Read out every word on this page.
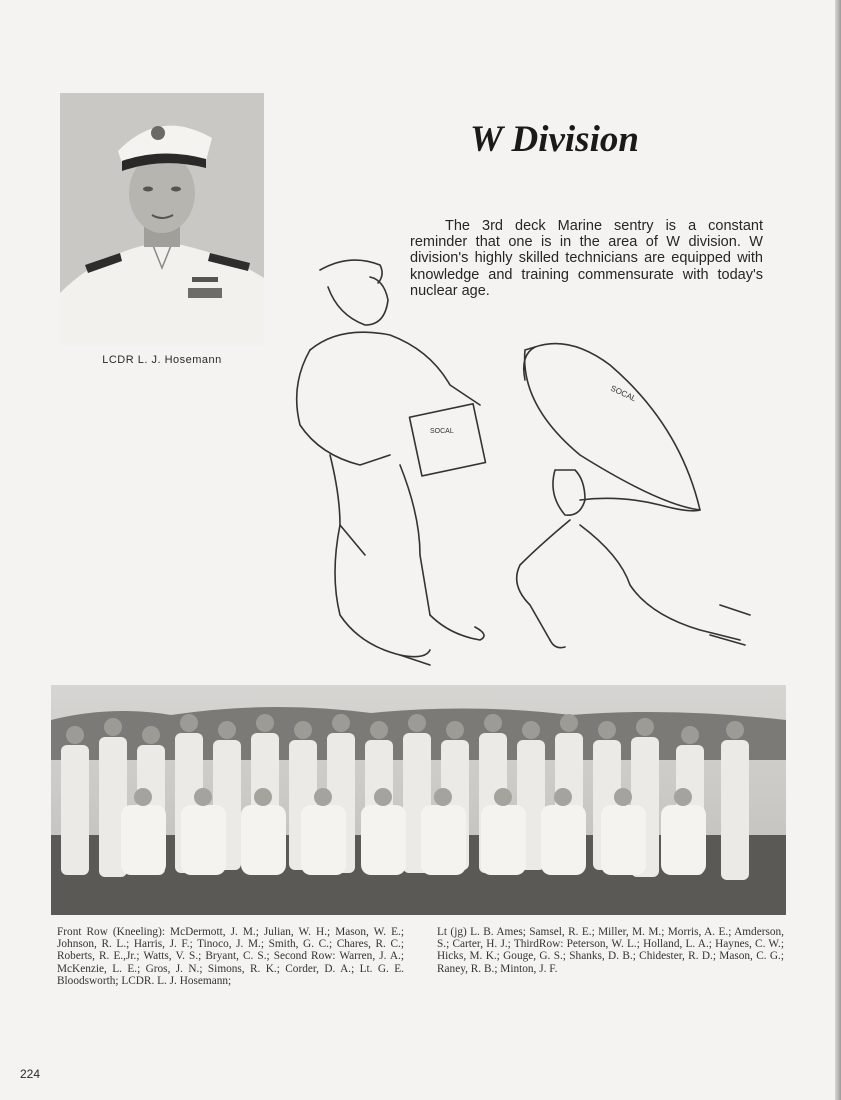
LCDR L. J. Hosemann
W Division

The 3rd deck Marine sentry is a constant reminder that one is in the area of W division. W division's highly skilled technicians are equipped with knowledge and training commensurate with today's nuclear age.

SOCAL
SOCAL

Front Row (Kneeling): McDermott, J. M.; Julian, W. H.; Mason, W. E.; Johnson, R. L.; Harris, J. F.; Tinoco, J. M.; Smith, G. C.; Chares, R. C.; Roberts, R. E.,Jr.; Watts, V. S.; Bryant, C. S.; Second Row: Warren, J. A.; McKenzie, L. E.; Gros, J. N.; Simons, R. K.; Corder, D. A.; Lt. G. E. Bloodsworth; LCDR. L. J. Hosemann;

Lt (jg) L. B. Ames; Samsel, R. E.; Miller, M. M.; Morris, A. E.; Amderson, S.; Carter, H. J.; ThirdRow: Peterson, W. L.; Holland, L. A.; Haynes, C. W.; Hicks, M. K.; Gouge, G. S.; Shanks, D. B.; Chidester, R. D.; Mason, C. G.; Raney, R. B.; Minton, J. F.

224
